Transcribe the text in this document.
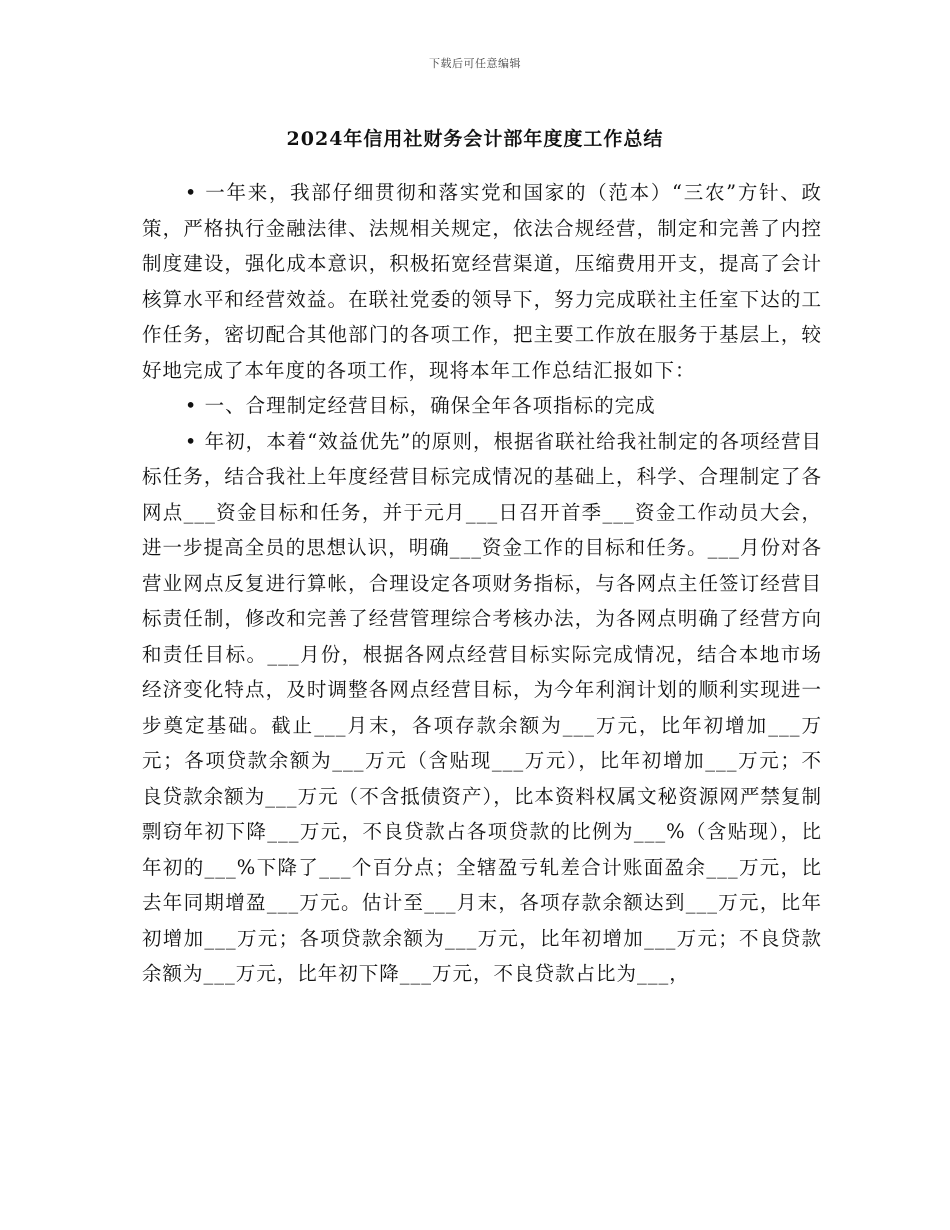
下载后可任意编辑
2024年信用社财务会计部年度度工作总结

• 一年来，我部仔细贯彻和落实党和国家的（范本）“三农”方针、政策，严格执行金融法律、法规相关规定，依法合规经营，制定和完善了内控制度建设，强化成本意识，积极拓宽经营渠道，压缩费用开支，提高了会计核算水平和经营效益。在联社党委的领导下，努力完成联社主任室下达的工作任务，密切配合其他部门的各项工作，把主要工作放在服务于基层上，较好地完成了本年度的各项工作，现将本年工作总结汇报如下：

• 一、合理制定经营目标，确保全年各项指标的完成

• 年初，本着“效益优先”的原则，根据省联社给我社制定的各项经营目标任务，结合我社上年度经营目标完成情况的基础上，科学、合理制定了各网点___资金目标和任务，并于元月___日召开首季___资金工作动员大会，进一步提高全员的思想认识，明确___资金工作的目标和任务。___月份对各营业网点反复进行算帐，合理设定各项财务指标，与各网点主任签订经营目标责任制，修改和完善了经营管理综合考核办法，为各网点明确了经营方向和责任目标。___月份，根据各网点经营目标实际完成情况，结合本地市场经济变化特点，及时调整各网点经营目标，为今年利润计划的顺利实现进一步奠定基础。截止___月末，各项存款余额为___万元，比年初增加___万元；各项贷款余额为___万元（含贴现___万元），比年初增加___万元；不良贷款余额为___万元（不含抵债资产），比本资料权属文秘资源网严禁复制剽窃年初下降___万元，不良贷款占各项贷款的比例为___%（含贴现），比年初的___%下降了___个百分点；全辖盈亏轧差合计账面盈余___万元，比去年同期增盈___万元。估计至___月末，各项存款余额达到___万元，比年初增加___万元；各项贷款余额为___万元，比年初增加___万元；不良贷款余额为___万元，比年初下降___万元，不良贷款占比为___，
